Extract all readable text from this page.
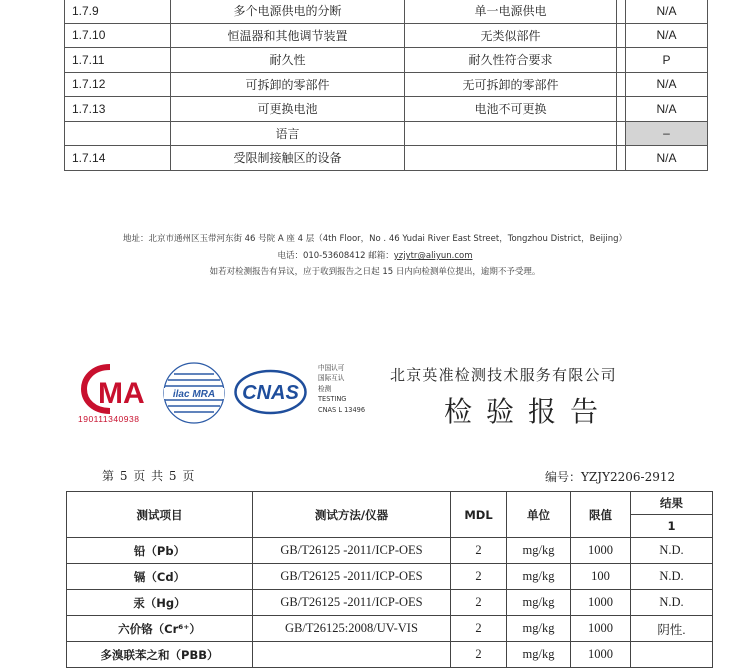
1.7.9	多个电源供电的分断	单一电源供电		N/A
1.7.10	恒温器和其他调节装置	无类似部件		N/A
1.7.11	耐久性	耐久性符合要求		P
1.7.12	可拆卸的零部件	无可拆卸的零部件		N/A
1.7.13	可更换电池	电池不可更换		N/A
	语言			–
1.7.14	受限制接触区的设备			N/A
地址：北京市通州区玉带河东街 46 号院 A 座 4 层（4th Floor，No . 46 Yudai River East Street，Tongzhou District，Beijing）
电话：010-53608412 邮箱：yzjytr@aliyun.com
如若对检测报告有异议，应于收到报告之日起 15 日内向检测单位提出，逾期不予受理。
MA
190111340938
ilac MRA CNAS
中国认可
国际互认
检测
TESTING
CNAS L 13496
北京英准检测技术服务有限公司
检验报告
第 5 页 共 5 页	编号：YZJY2206-2912
测试项目	测试方法/仪器	MDL	单位	限值	结果
					1
铅（Pb）	GB/T26125 -2011/ICP-OES	2	mg/kg	1000	N.D.
镉（Cd）	GB/T26125 -2011/ICP-OES	2	mg/kg	100	N.D.
汞（Hg）	GB/T26125 -2011/ICP-OES	2	mg/kg	1000	N.D.
六价铬（Cr⁶⁺）	GB/T26125:2008/UV-VIS	2	mg/kg	1000	阴性.
多溴联苯之和（PBB）		2	mg/kg	1000	
